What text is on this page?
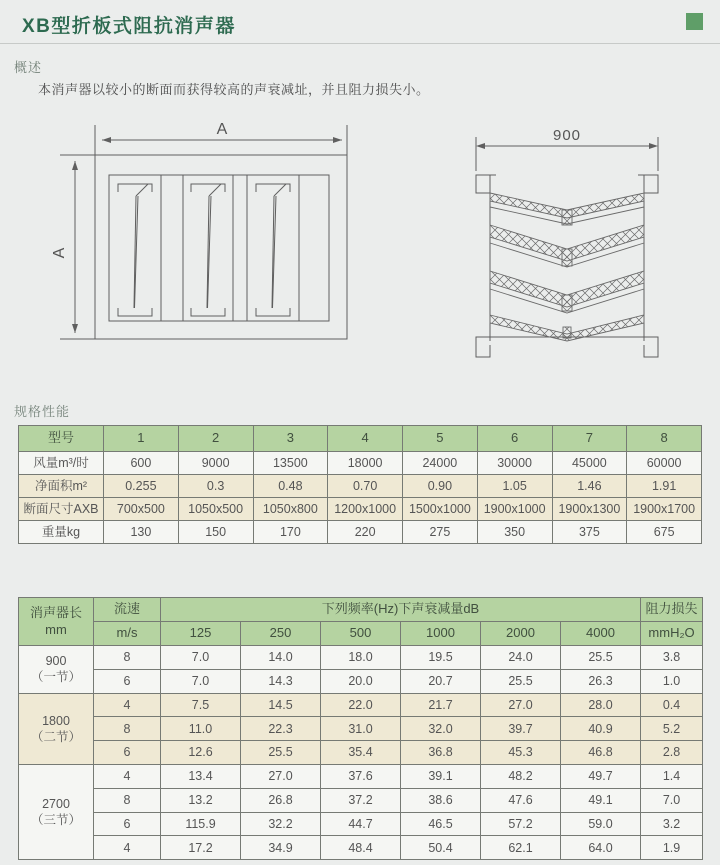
XB型折板式阻抗消声器
概述
本消声器以较小的断面而获得较高的声衰减址，并且阻力损失小。
A
A
900
规格性能
型号	1	2	3	4	5	6	7	8
风量m³/时	600	9000	13500	18000	24000	30000	45000	60000
净面积m²	0.255	0.3	0.48	0.70	0.90	1.05	1.46	1.91
断面尺寸AXB	700x500	1050x500	1050x800	1200x1000	1500x1000	1900x1000	1900x1300	1900x1700
重量kg	130	150	170	220	275	350	375	675
消声器长
mm	流速	下列频率(Hz)下声衰减量dB						阻力损失
	m/s	125	250	500	1000	2000	4000	mmH₂O

900
（一节）	8	7.0	14.0	18.0	19.5	24.0	25.5	3.8
	6	7.0	14.3	20.0	20.7	25.5	26.3	1.0

1800
（二节）	4	7.5	14.5	22.0	21.7	27.0	28.0	0.4
	8	11.0	22.3	31.0	32.0	39.7	40.9	5.2
	6	12.6	25.5	35.4	36.8	45.3	46.8	2.8

2700
（三节）	4	13.4	27.0	37.6	39.1	48.2	49.7	1.4
	8	13.2	26.8	37.2	38.6	47.6	49.1	7.0
	6	115.9	32.2	44.7	46.5	57.2	59.0	3.2
	4	17.2	34.9	48.4	50.4	62.1	64.0	1.9
